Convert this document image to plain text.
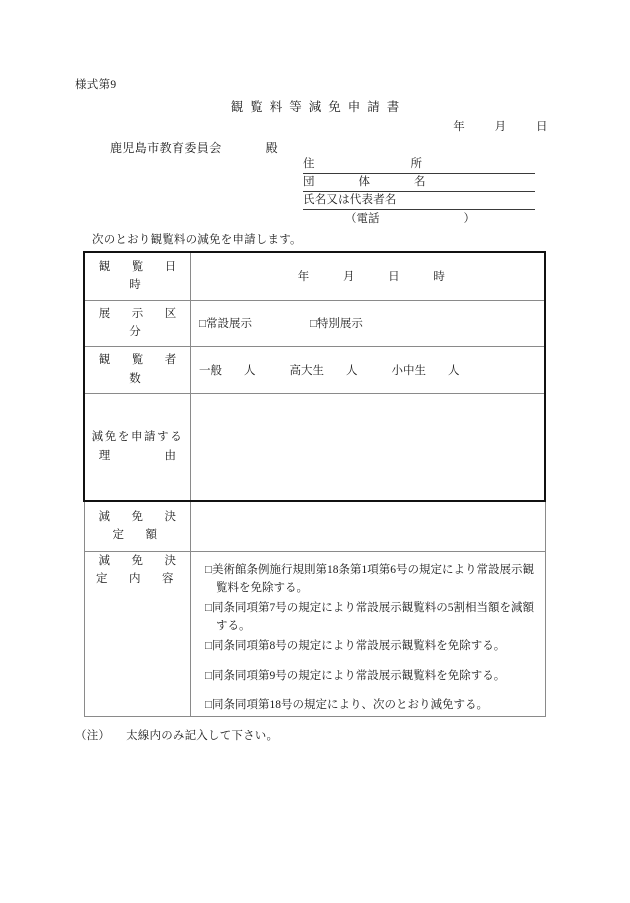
様式第9
観覧料等減免申請書
年	月	日
鹿児島市教育委員会	殿
住　　　　所
団　　体　　名
氏名又は代表者名
（電話	）
次のとおり観覧料の減免を申請します。
観　覧　日　時	年 月 日 時
展　示　区　分	□常設展示 □特別展示
観　覧　者　数	一般 人 高大生 人 小中生 人

減免を申請する
理 由	

減　免　決　定　額	
減　免　決　定　内　容	□美術館条例施行規則第18条第1項第6号の規定により常設展示観覧料を免除する。
□同条同項第7号の規定により常設展示観覧料の5割相当額を減額する。
□同条同項第8号の規定により常設展示観覧料を免除する。
□同条同項第9号の規定により常設展示観覧料を免除する。
□同条同項第18号の規定により、次のとおり減免する。
（注） 太線内のみ記入して下さい。
